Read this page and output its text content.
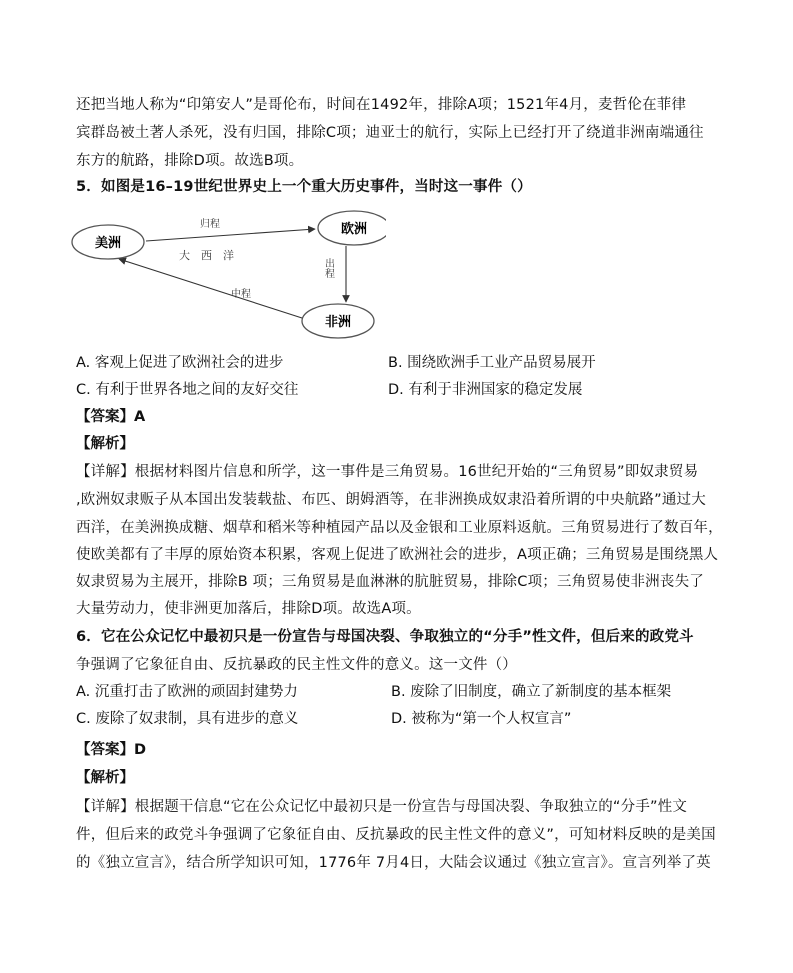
还把当地人称为“印第安人”是哥伦布，时间在1492年，排除A项；1521年4月，麦哲伦在菲律
宾群岛被土著人杀死，没有归国，排除C项；迪亚士的航行，实际上已经打开了绕道非洲南端通往
东方的航路，排除D项。故选B项。
5．如图是16–19世纪世界史上一个重大历史事件，当时这一事件（）
美洲
欧洲
非洲
归程
大　西　洋
出程
中程
A. 客观上促进了欧洲社会的进步	B. 围绕欧洲手工业产品贸易展开
C. 有利于世界各地之间的友好交往	D. 有利于非洲国家的稳定发展
【答案】A
【解析】
【详解】根据材料图片信息和所学，这一事件是三角贸易。16世纪开始的“三角贸易”即奴隶贸易
,欧洲奴隶贩子从本国出发装载盐、布匹、朗姆酒等，在非洲换成奴隶沿着所谓的中央航路”通过大
西洋，在美洲换成糖、烟草和稻米等种植园产品以及金银和工业原料返航。三角贸易进行了数百年，
使欧美都有了丰厚的原始资本积累，客观上促进了欧洲社会的进步，A项正确；三角贸易是围绕黑人
奴隶贸易为主展开，排除B 项；三角贸易是血淋淋的肮脏贸易，排除C项；三角贸易使非洲丧失了
大量劳动力，使非洲更加落后，排除D项。故选A项。
6．它在公众记忆中最初只是一份宣告与母国决裂、争取独立的“分手”性文件，但后来的政党斗
争强调了它象征自由、反抗暴政的民主性文件的意义。这一文件（）
A. 沉重打击了欧洲的顽固封建势力	B. 废除了旧制度，确立了新制度的基本框架
C. 废除了奴隶制，具有进步的意义	D. 被称为“第一个人权宣言”
【答案】D
【解析】
【详解】根据题干信息“它在公众记忆中最初只是一份宣告与母国决裂、争取独立的“分手”性文
件，但后来的政党斗争强调了它象征自由、反抗暴政的民主性文件的意义”，可知材料反映的是美国
的《独立宣言》，结合所学知识可知，1776年 7月4日，大陆会议通过《独立宣言》。宣言列举了英
